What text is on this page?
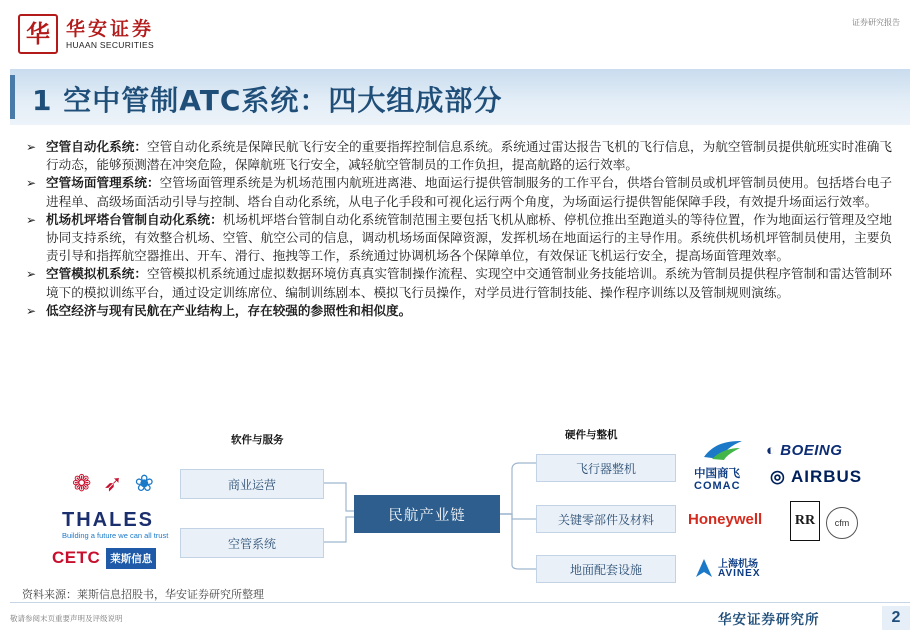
华 华安证券
HUAAN SECURITIES
证券研究报告
1 空中管制ATC系统：四大组成部分
➢ 空管自动化系统：空管自动化系统是保障民航飞行安全的重要指挥控制信息系统。系统通过雷达报告飞机的飞行信息，为航空管制员提供航班实时准确飞行动态，能够预测潜在冲突危险，保障航班飞行安全，减轻航空管制员的工作负担，提高航路的运行效率。
➢ 空管场面管理系统：空管场面管理系统是为机场范围内航班进离港、地面运行提供管制服务的工作平台，供塔台管制员或机坪管制员使用。包括塔台电子进程单、高级场面活动引导与控制、塔台自动化系统，从电子化手段和可视化运行两个角度，为场面运行提供智能保障手段，有效提升场面运行效率。
➢ 机场机坪塔台管制自动化系统：机场机坪塔台管制自动化系统管制范围主要包括飞机从廊桥、停机位推出至跑道头的等待位置，作为地面运行管理及空地协同支持系统，有效整合机场、空管、航空公司的信息，调动机场场面保障资源，发挥机场在地面运行的主导作用。系统供机场机坪管制员使用，主要负责引导和指挥航空器推出、开车、滑行、拖拽等工作，系统通过协调机场各个保障单位，有效保证飞机运行安全，提高场面管理效率。
➢ 空管模拟机系统：空管模拟机系统通过虚拟数据环境仿真真实管制操作流程、实现空中交通管制业务技能培训。系统为管制员提供程序管制和雷达管制环境下的模拟训练平台，通过设定训练席位、编制训练剧本、模拟飞行员操作，对学员进行管制技能、操作程序训练以及管制规则演练。
➢ 低空经济与现有民航在产业结构上，存在较强的参照性和相似度。
软件与服务	硬件与整机
商业运营
空管系统
民航产业链
飞行器整机
关键零部件及材料
地面配套设施
❁ ➶ ❀
THALES
Building a future we can all trust
CETC 莱斯信息
中国商飞
COMAC
◐ BOEING
◎ AIRBUS
Honeywell	RR	cfm
上海机场
AVINEX
资料来源：莱斯信息招股书，华安证券研究所整理
敬请参阅末页重要声明及评级说明	华安证券研究所	2
